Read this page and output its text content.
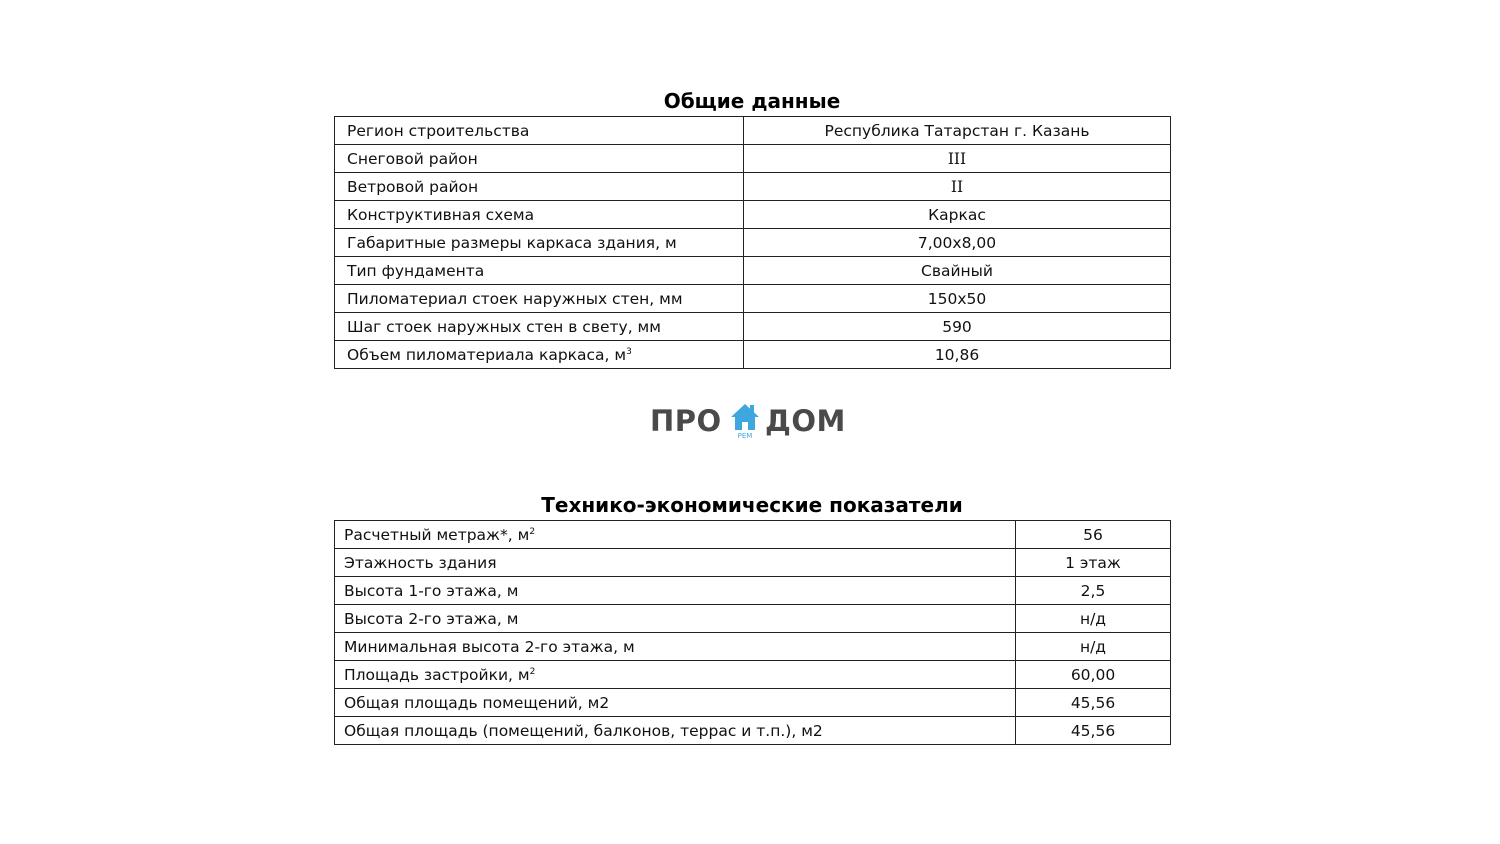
Общие данные
Регион строительства	Республика Татарстан г. Казань
Снеговой район	III
Ветровой район	II
Конструктивная схема	Каркас
Габаритные размеры каркаса здания, м	7,00х8,00
Тип фундамента	Свайный
Пиломатериал стоек наружных стен, мм	150х50
Шаг стоек наружных стен в свету, мм	590
Объем пиломатериала каркаса, $м^3$	10,86
ПРО	РЕМ ДОМ
Технико-экономические показатели
Расчетный метраж*, $м^2$	56
Этажность здания	1 этаж
Высота 1-го этажа, м	2,5
Высота 2-го этажа, м	н/д
Минимальная высота 2-го этажа, м	н/д
Площадь застройки, $м^2$	60,00
Общая площадь помещений, м2	45,56
Общая площадь (помещений, балконов, террас и т.п.), м2	45,56
